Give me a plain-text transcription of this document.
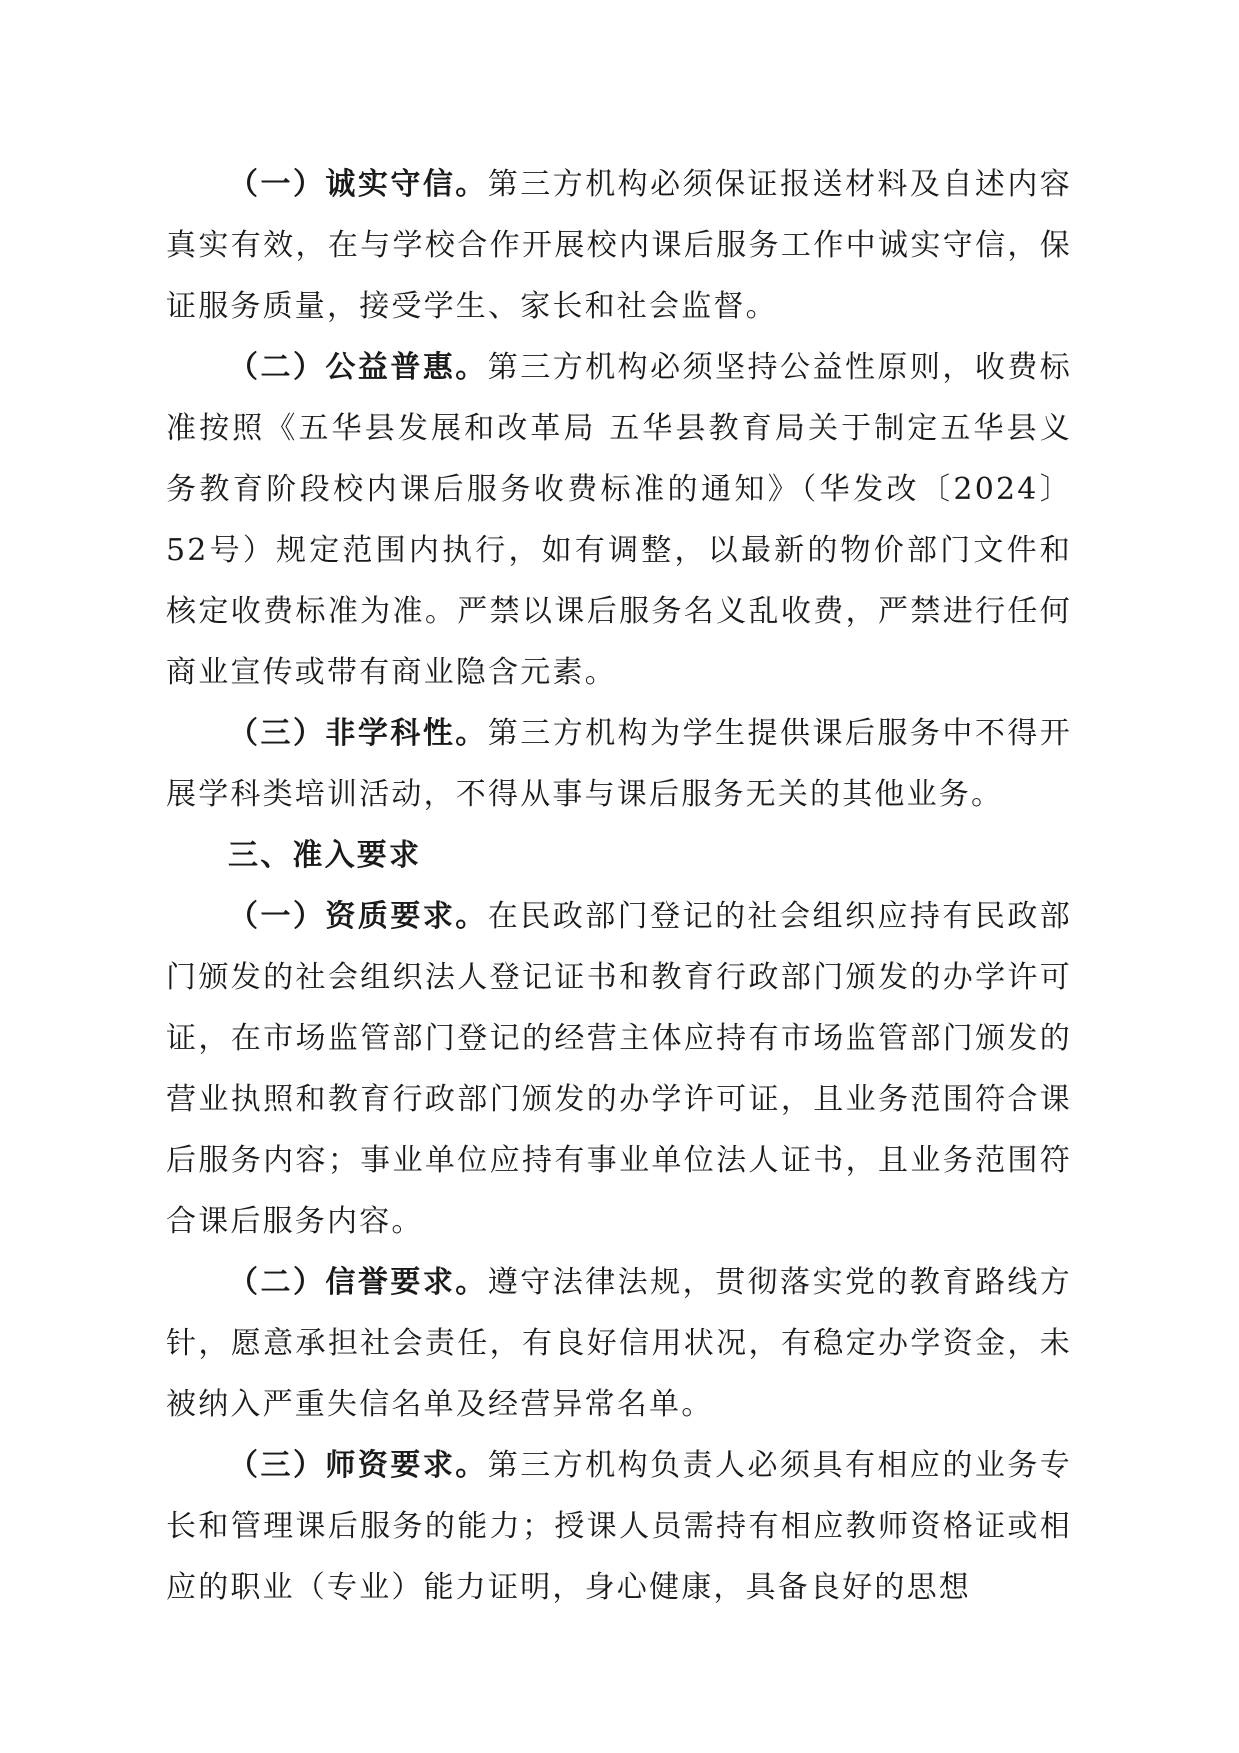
（一）诚实守信。第三方机构必须保证报送材料及自述内容真实有效，在与学校合作开展校内课后服务工作中诚实守信，保证服务质量，接受学生、家长和社会监督。

（二）公益普惠。第三方机构必须坚持公益性原则，收费标准按照《五华县发展和改革局 五华县教育局关于制定五华县义务教育阶段校内课后服务收费标准的通知》（华发改〔2024〕52号）规定范围内执行，如有调整，以最新的物价部门文件和核定收费标准为准。严禁以课后服务名义乱收费，严禁进行任何商业宣传或带有商业隐含元素。

（三）非学科性。第三方机构为学生提供课后服务中不得开展学科类培训活动，不得从事与课后服务无关的其他业务。

三、准入要求

（一）资质要求。在民政部门登记的社会组织应持有民政部门颁发的社会组织法人登记证书和教育行政部门颁发的办学许可证，在市场监管部门登记的经营主体应持有市场监管部门颁发的营业执照和教育行政部门颁发的办学许可证，且业务范围符合课后服务内容；事业单位应持有事业单位法人证书，且业务范围符合课后服务内容。

（二）信誉要求。遵守法律法规，贯彻落实党的教育路线方针，愿意承担社会责任，有良好信用状况，有稳定办学资金，未被纳入严重失信名单及经营异常名单。

（三）师资要求。第三方机构负责人必须具有相应的业务专长和管理课后服务的能力；授课人员需持有相应教师资格证或相应的职业（专业）能力证明，身心健康，具备良好的思想
